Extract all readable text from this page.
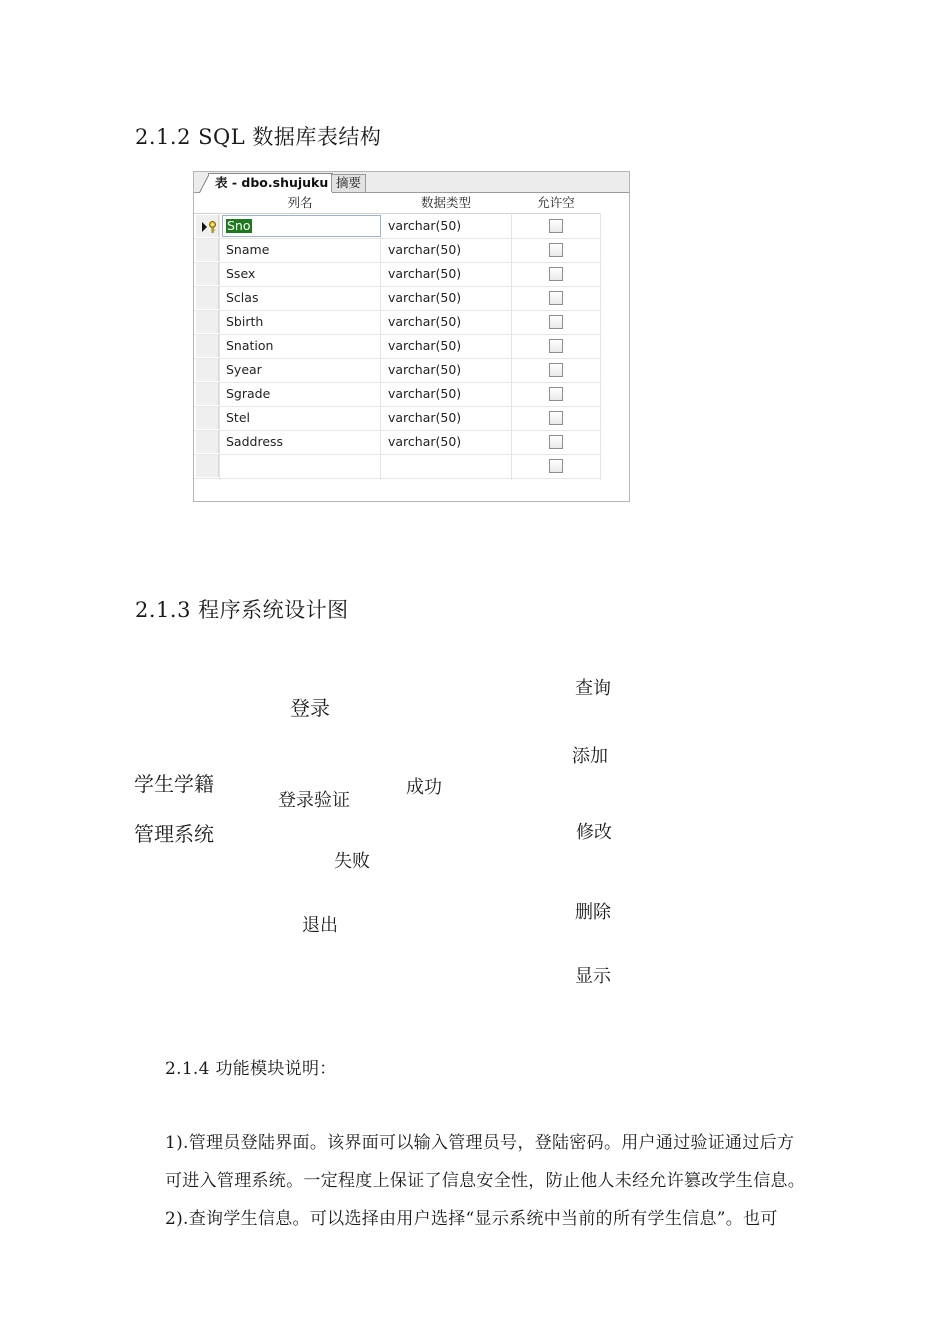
2.1.2 SQL 数据库表结构
表 - dbo.shujuku 摘要
列名	数据类型	允许空
Sno	varchar(50)
Sname	varchar(50)
Ssex	varchar(50)
Sclas	varchar(50)
Sbirth	varchar(50)
Snation	varchar(50)
Syear	varchar(50)
Sgrade	varchar(50)
Stel	varchar(50)
Saddress	varchar(50)
2.1.3 程序系统设计图
学生学籍
管理系统
登录
登录验证
成功
失败
退出
查询
添加
修改
删除
显示
2.1.4 功能模块说明：
1).管理员登陆界面。该界面可以输入管理员号，登陆密码。用户通过验证通过后方
可进入管理系统。一定程度上保证了信息安全性，防止他人未经允许篡改学生信息。
2).查询学生信息。可以选择由用户选择“显示系统中当前的所有学生信息”。也可
